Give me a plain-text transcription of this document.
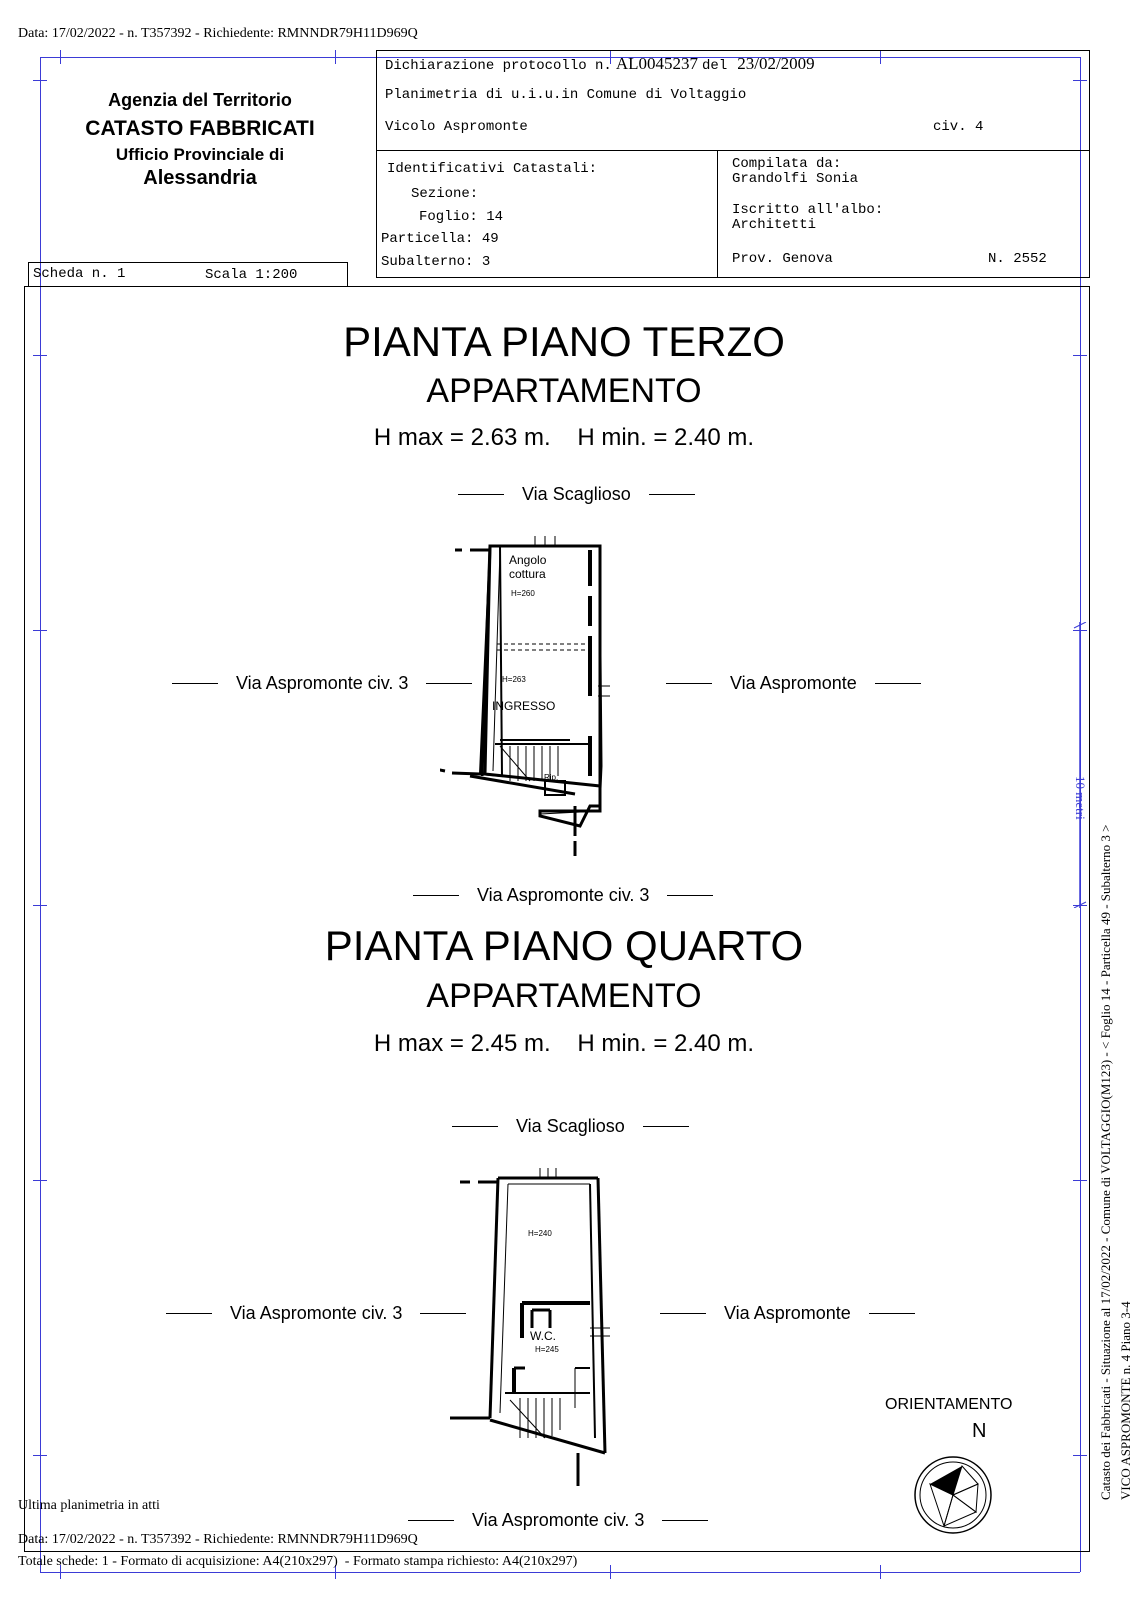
Data: 17/02/2022 - n. T357392 - Richiedente: RMNNDR79H11D969Q
Agenzia del Territorio
CATASTO FABBRICATI
Ufficio Provinciale di
Alessandria
Scheda n. 1	Scala 1:200
Dichiarazione protocollo n. AL0045237 del 23/02/2009
Planimetria di u.i.u.in Comune di Voltaggio
Vicolo Aspromonte	civ. 4
Identificativi Catastali:
Sezione:
Foglio: 14
Particella: 49
Subalterno: 3
Compilata da:
Grandolfi Sonia
Iscritto all'albo:
Architetti
Prov. Genova	N. 2552
PIANTA PIANO TERZO
APPARTAMENTO
H max = 2.63 m.    H min. = 2.40 m.
Via Scaglioso
Via Aspromonte civ. 3	Via Aspromonte
Via Aspromonte civ. 3
Angolo
cottura
H=260
H=263
INGRESSO
Rip.
PIANTA PIANO QUARTO
APPARTAMENTO
H max = 2.45 m.    H min. = 2.40 m.
Via Scaglioso
Via Aspromonte civ. 3	Via Aspromonte
Via Aspromonte civ. 3
H=240
W.C.
H=245
ORIENTAMENTO
N
10 metri
Catasto dei Fabbricati - Situazione al 17/02/2022 - Comune di VOLTAGGIO(M123) - < Foglio 14 - Particella 49 - Subalterno 3 > VICO ASPROMONTE n. 4 Piano 3-4
Ultima planimetria in atti
Data: 17/02/2022 - n. T357392 - Richiedente: RMNNDR79H11D969Q
Totale schede: 1 - Formato di acquisizione: A4(210x297)  - Formato stampa richiesto: A4(210x297)
